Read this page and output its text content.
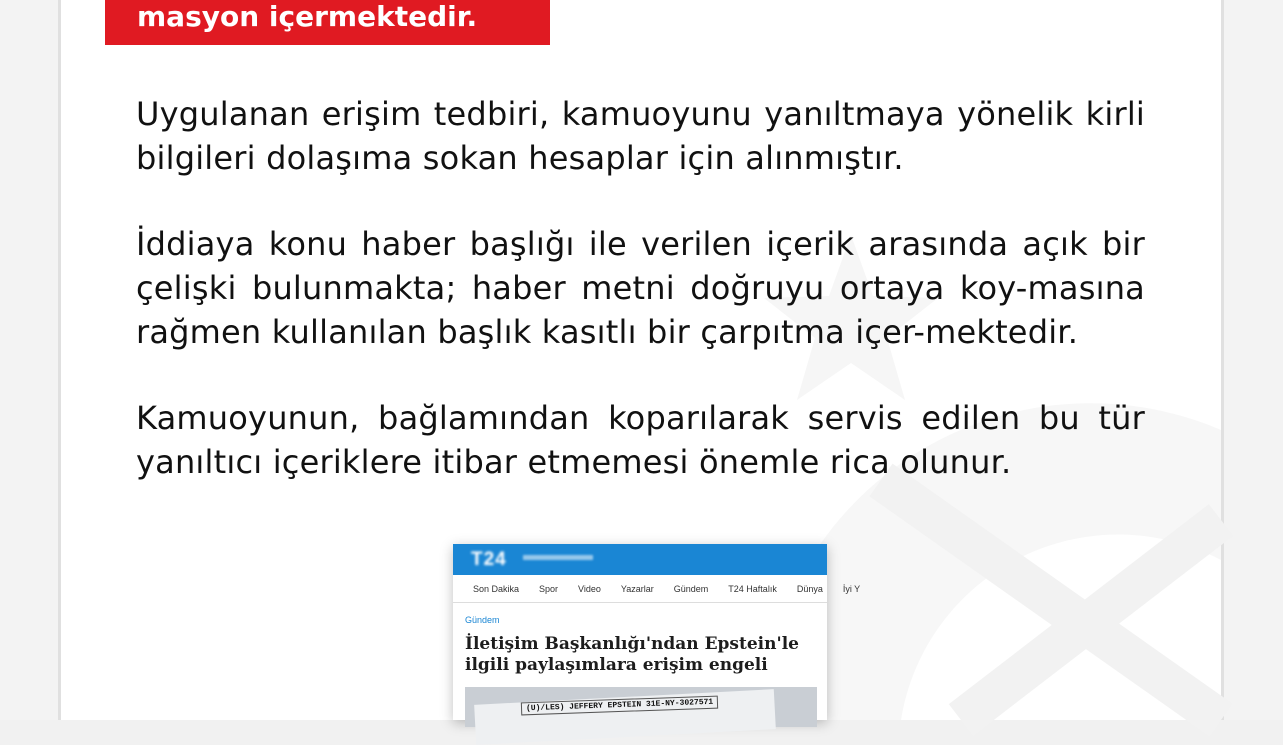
masyon içermektedir.

Uygulanan erişim tedbiri, kamuoyunu yanıltmaya yönelik kirli bilgileri dolaşıma sokan hesaplar için alınmıştır.

İddiaya konu haber başlığı ile verilen içerik arasında açık bir çelişki bulunmakta; haber metni doğruyu ortaya koy-masına rağmen kullanılan başlık kasıtlı bir çarpıtma içer-mektedir.

Kamuoyunun, bağlamından koparılarak servis edilen bu tür yanıltıcı içeriklere itibar etmemesi önemle rica olunur.

T24
Son Dakika Spor Video Yazarlar Gündem T24 Haftalık Dünya İyi Y
Gündem
İletişim Başkanlığı'ndan Epstein'le
ilgili paylaşımlara erişim engeli
(U)/LES) JEFFERY EPSTEIN 31E-NY-3027571
